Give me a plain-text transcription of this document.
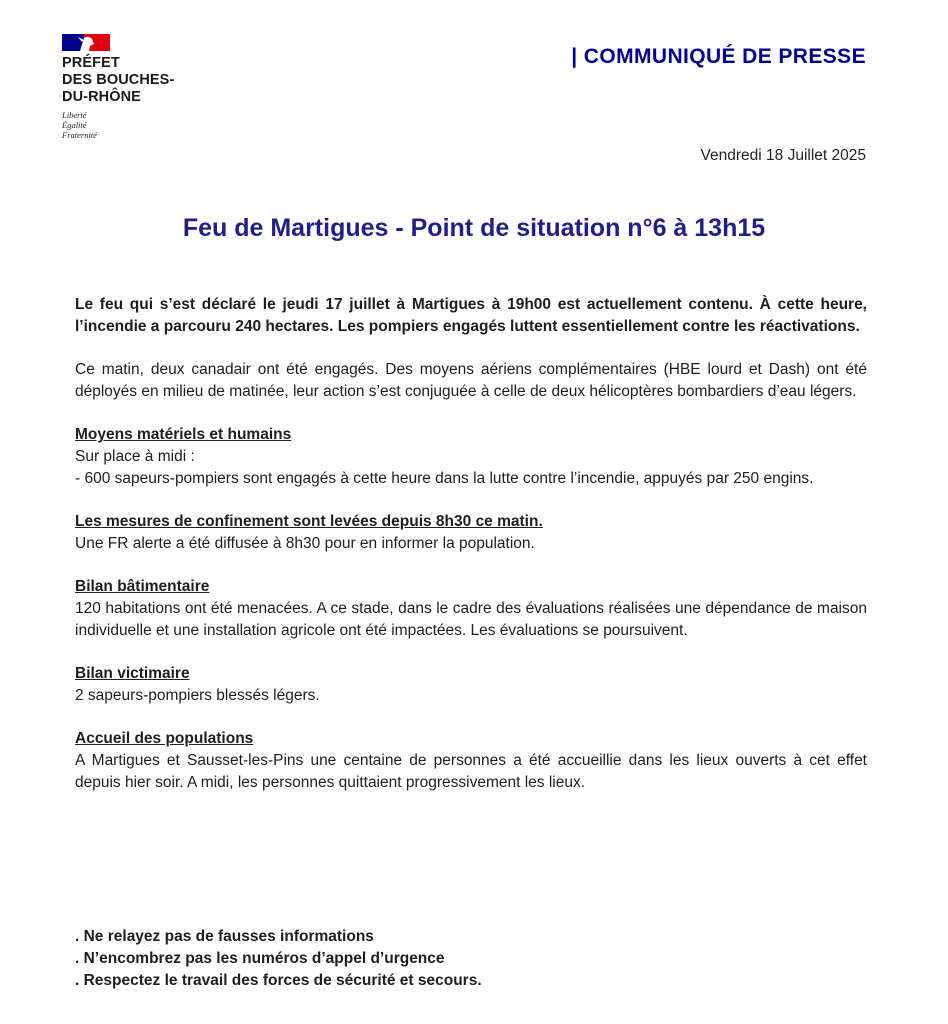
PRÉFET
DES BOUCHES-
DU-RHÔNE
Liberté
Égalité
Fraternité
| COMMUNIQUÉ DE PRESSE
Vendredi 18 Juillet 2025
Feu de Martigues - Point de situation n°6 à 13h15

Le feu qui s’est déclaré le jeudi 17 juillet à Martigues à 19h00 est actuellement contenu. À cette heure, l’incendie a parcouru 240 hectares. Les pompiers engagés luttent essentiellement contre les réactivations.

Ce matin, deux canadair ont été engagés. Des moyens aériens complémentaires (HBE lourd et Dash) ont été déployés en milieu de matinée, leur action s’est conjuguée à celle de deux hélicoptères bombardiers d’eau légers.

Moyens matériels et humains

Sur place à midi :

- 600 sapeurs-pompiers sont engagés à cette heure dans la lutte contre l’incendie, appuyés par 250 engins.

Les mesures de confinement sont levées depuis 8h30 ce matin.

Une FR alerte a été diffusée à 8h30 pour en informer la population.

Bilan bâtimentaire

120 habitations ont été menacées. A ce stade, dans le cadre des évaluations réalisées une dépendance de maison individuelle et une installation agricole ont été impactées. Les évaluations se poursuivent.

Bilan victimaire

2 sapeurs-pompiers blessés légers.

Accueil des populations

A Martigues et Sausset-les-Pins une centaine de personnes a été accueillie dans les lieux ouverts à cet effet depuis hier soir. A midi, les personnes quittaient progressivement les lieux.

. Ne relayez pas de fausses informations
. N’encombrez pas les numéros d’appel d’urgence
. Respectez le travail des forces de sécurité et secours.
